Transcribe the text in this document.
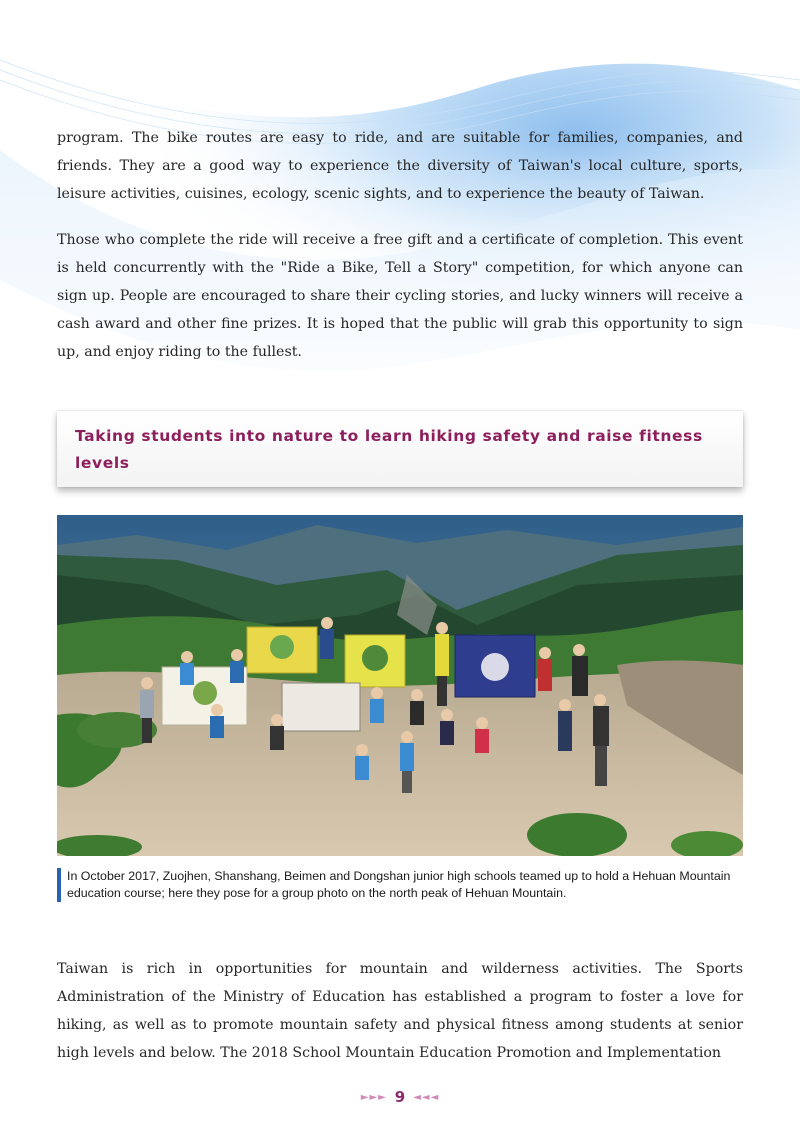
program. The bike routes are easy to ride, and are suitable for families, companies, and friends. They are a good way to experience the diversity of Taiwan's local culture, sports, leisure activities, cuisines, ecology, scenic sights, and to experience the beauty of Taiwan.

Those who complete the ride will receive a free gift and a certificate of completion. This event is held concurrently with the "Ride a Bike, Tell a Story" competition, for which anyone can sign up. People are encouraged to share their cycling stories, and lucky winners will receive a cash award and other fine prizes. It is hoped that the public will grab this opportunity to sign up, and enjoy riding to the fullest.

Taking students into nature to learn hiking safety and raise fitness levels

In October 2017, Zuojhen, Shanshang, Beimen and Dongshan junior high schools teamed up to hold a Hehuan Mountain education course; here they pose for a group photo on the north peak of Hehuan Mountain.

Taiwan is rich in opportunities for mountain and wilderness activities. The Sports Administration of the Ministry of Education has established a program to foster a love for hiking, as well as to promote mountain safety and physical fitness among students at senior high levels and below. The 2018 School Mountain Education Promotion and Implementation

►►► 9 ◄◄◄
